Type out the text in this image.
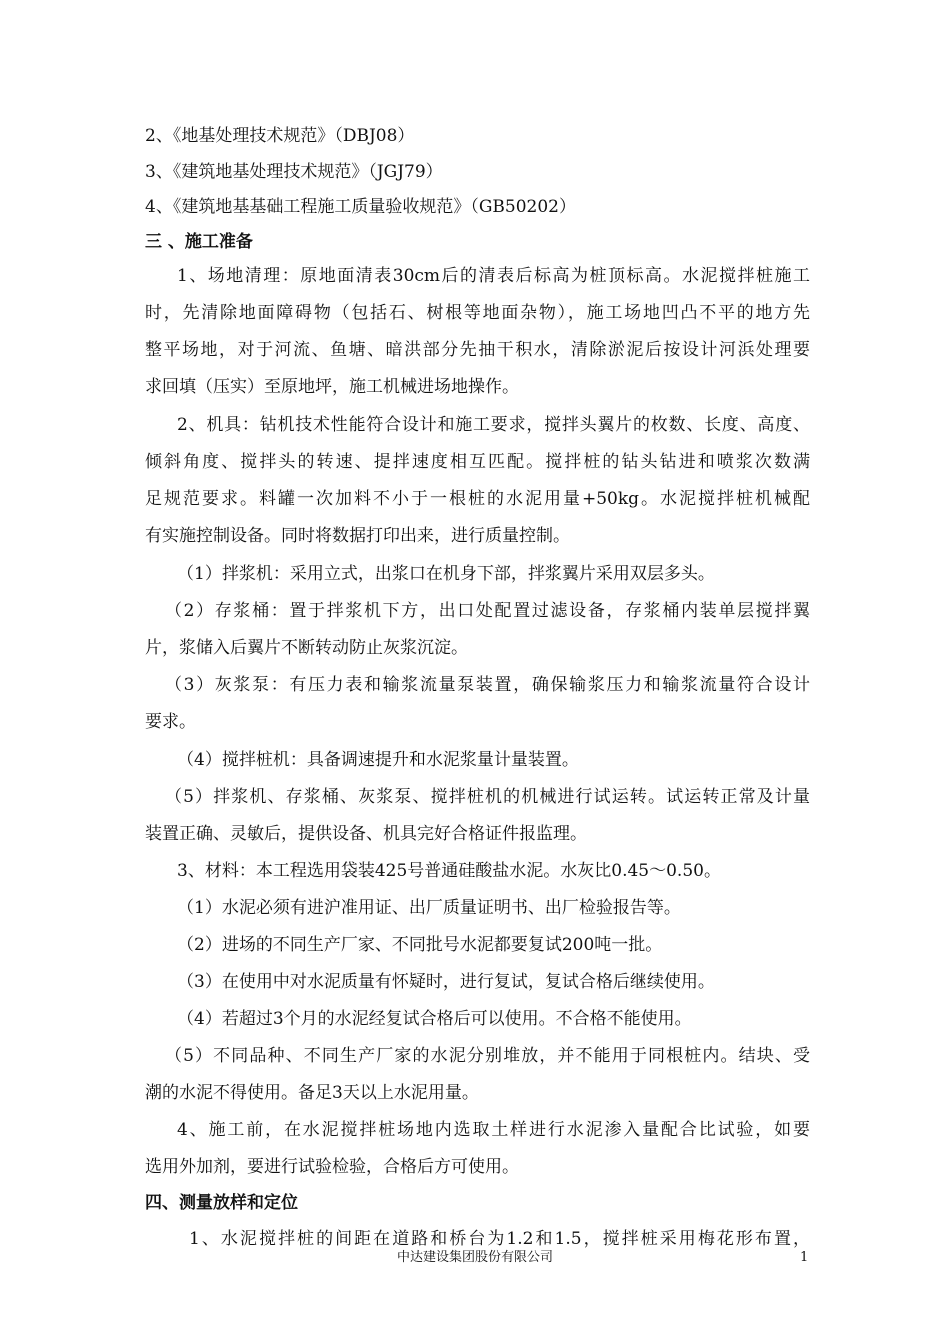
2、《地基处理技术规范》（DBJ08）
3、《建筑地基处理技术规范》（JGJ79）
4、《建筑地基基础工程施工质量验收规范》（GB50202）
三 、施工准备
1、场地清理：原地面清表30cm后的清表后标高为桩顶标高。水泥搅拌桩施工
时，先清除地面障碍物（包括石、树根等地面杂物），施工场地凹凸不平的地方先
整平场地，对于河流、鱼塘、暗洪部分先抽干积水，清除淤泥后按设计河浜处理要
求回填（压实）至原地坪，施工机械进场地操作。
2、机具：钻机技术性能符合设计和施工要求，搅拌头翼片的枚数、长度、高度、
倾斜角度、搅拌头的转速、提拌速度相互匹配。搅拌桩的钻头钻进和喷浆次数满
足规范要求。料罐一次加料不小于一根桩的水泥用量+50kg。水泥搅拌桩机械配
有实施控制设备。同时将数据打印出来，进行质量控制。
（1）拌浆机：采用立式，出浆口在机身下部，拌浆翼片采用双层多头。
（2）存浆桶：置于拌浆机下方，出口处配置过滤设备，存浆桶内装单层搅拌翼
片，浆储入后翼片不断转动防止灰浆沉淀。
（3）灰浆泵：有压力表和输浆流量泵装置，确保输浆压力和输浆流量符合设计
要求。
（4）搅拌桩机：具备调速提升和水泥浆量计量装置。
（5）拌浆机、存浆桶、灰浆泵、搅拌桩机的机械进行试运转。试运转正常及计量
装置正确、灵敏后，提供设备、机具完好合格证件报监理。
3、材料：本工程选用袋装425号普通硅酸盐水泥。水灰比0.45～0.50。
（1）水泥必须有进沪准用证、出厂质量证明书、出厂检验报告等。
（2）进场的不同生产厂家、不同批号水泥都要复试200吨一批。
（3）在使用中对水泥质量有怀疑时，进行复试，复试合格后继续使用。
（4）若超过3个月的水泥经复试合格后可以使用。不合格不能使用。
（5）不同品种、不同生产厂家的水泥分别堆放，并不能用于同根桩内。结块、受
潮的水泥不得使用。备足3天以上水泥用量。
4、施工前，在水泥搅拌桩场地内选取土样进行水泥渗入量配合比试验，如要
选用外加剂，要进行试验检验，合格后方可使用。
四、测量放样和定位
1、水泥搅拌桩的间距在道路和桥台为1.2和1.5，搅拌桩采用梅花形布置，
中达建设集团股份有限公司	1
